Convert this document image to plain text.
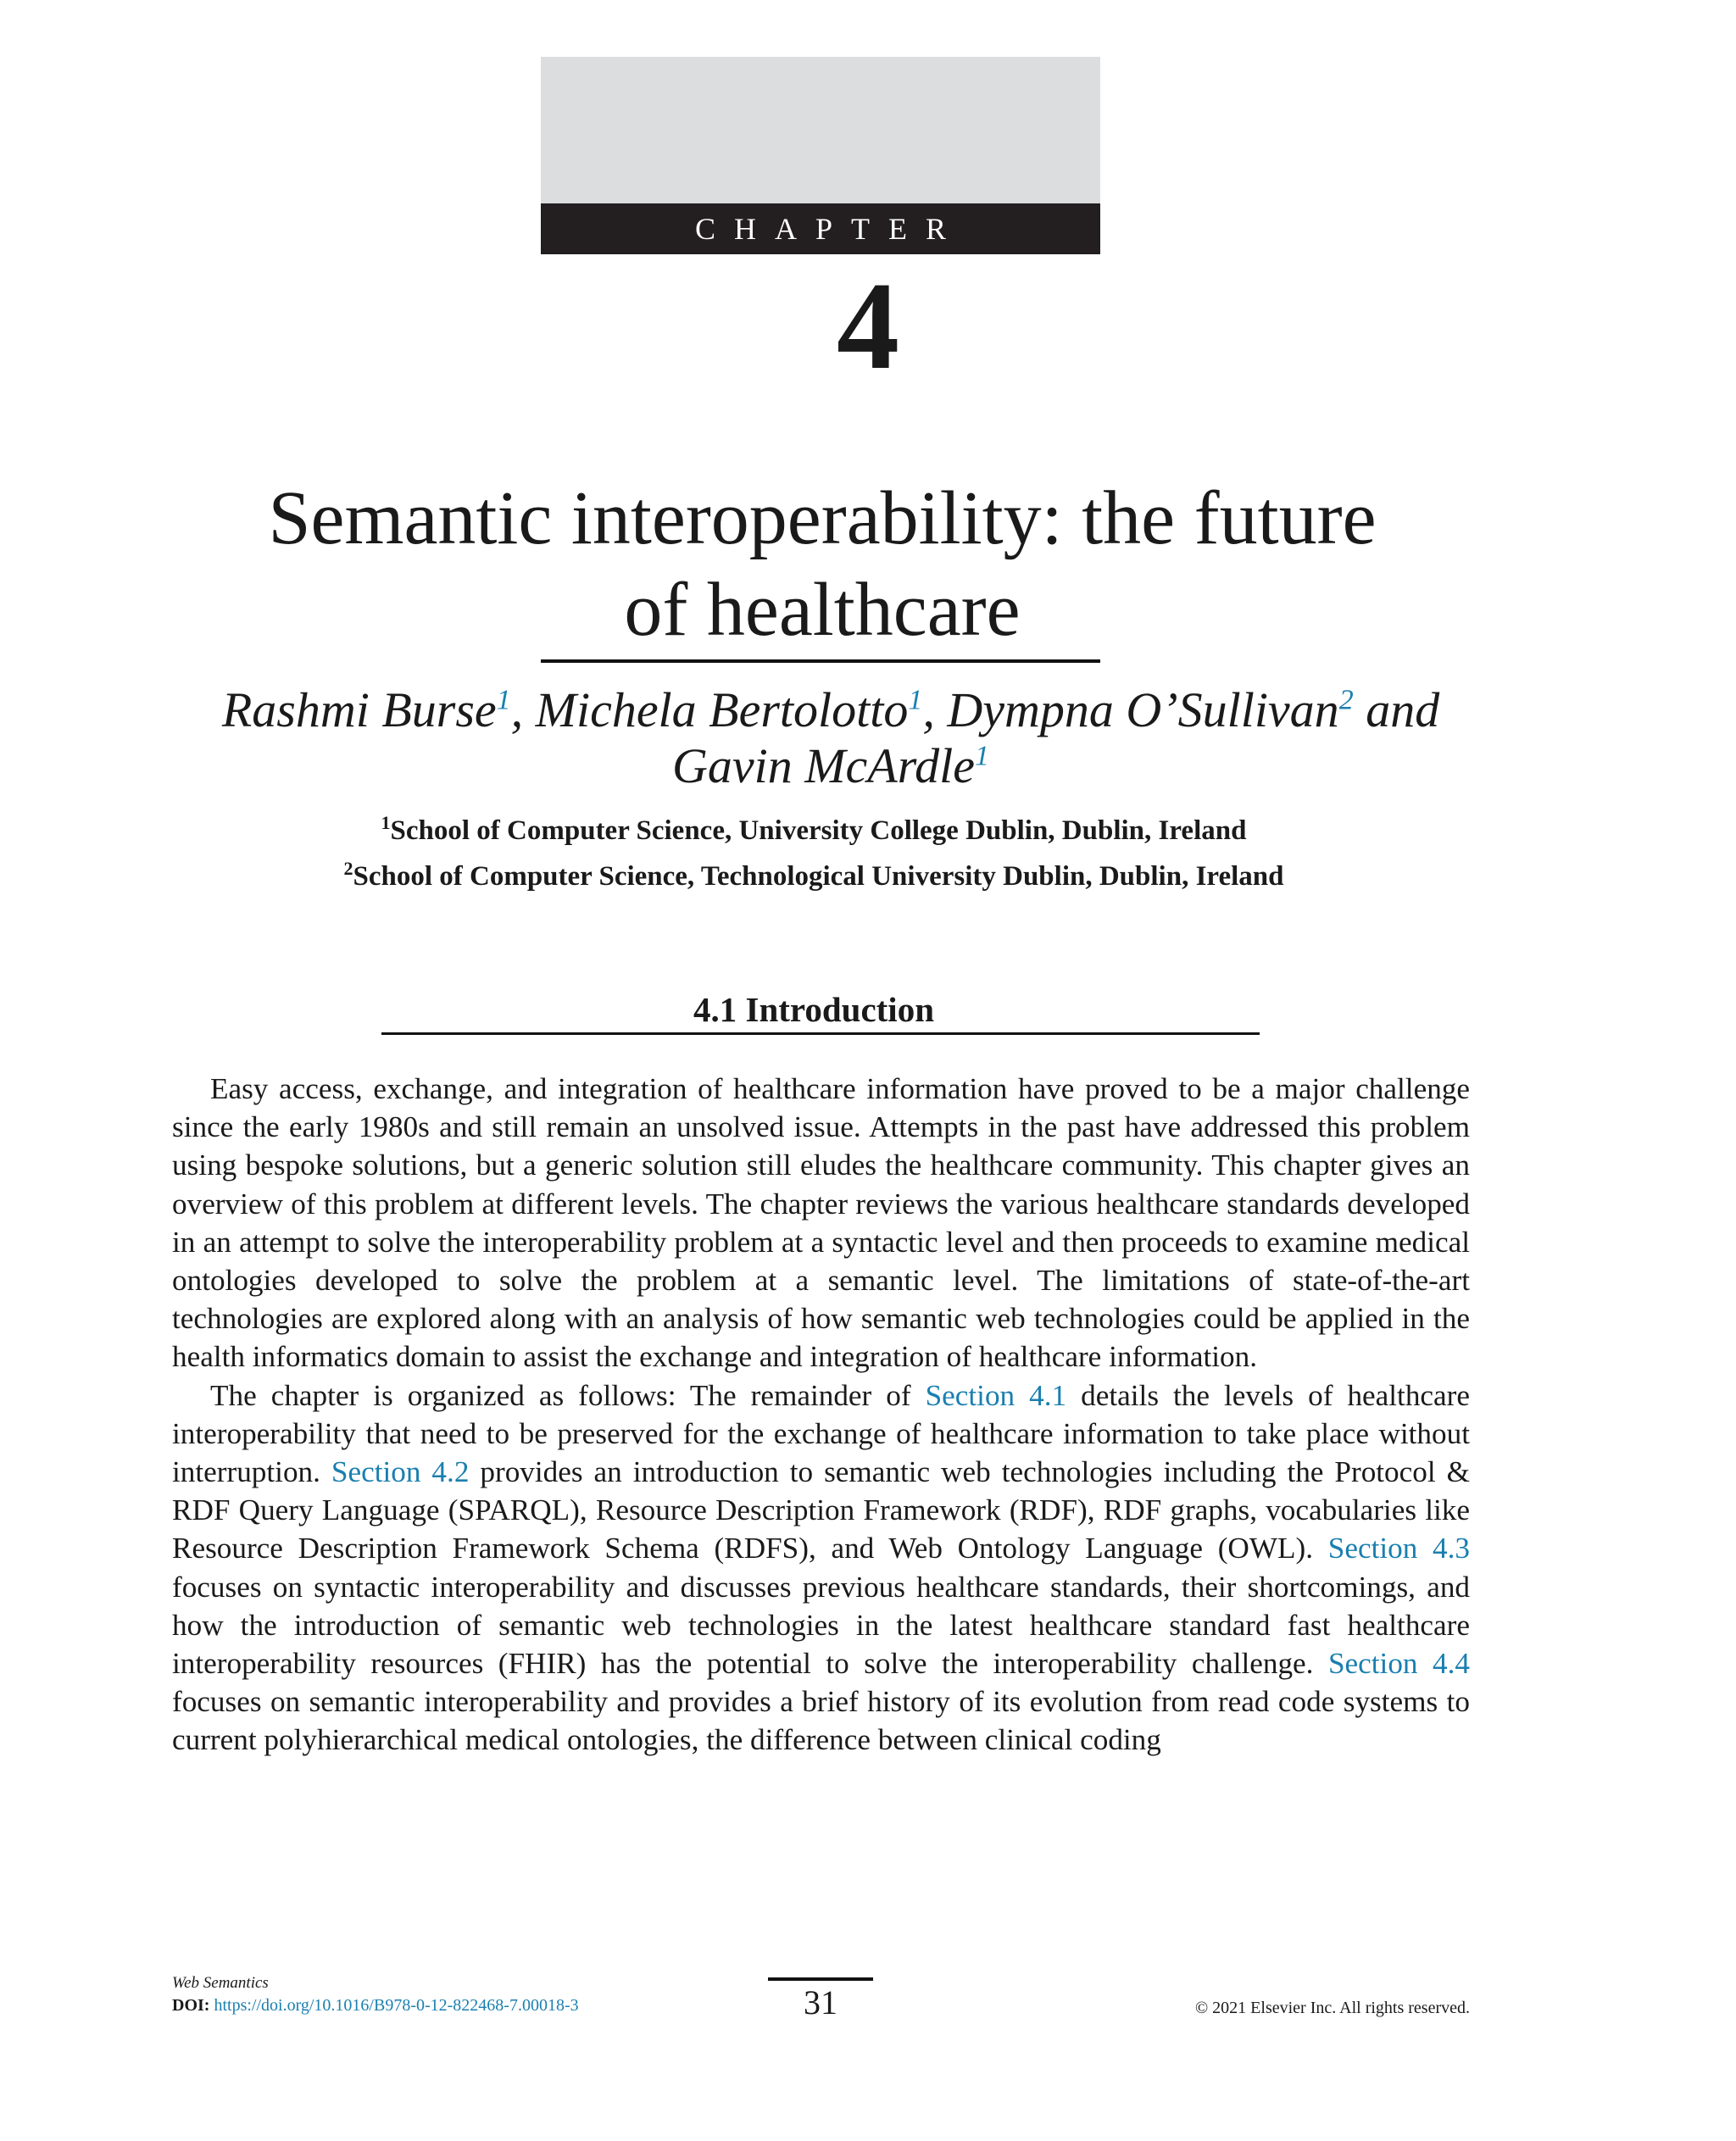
CHAPTER
4
Semantic interoperability: the future
of healthcare
Rashmi Burse$^1$, Michela Bertolotto$^1$, Dympna O’Sullivan$^2$ and
Gavin McArdle$^1$
$^1$School of Computer Science, University College Dublin, Dublin, Ireland
$^2$School of Computer Science, Technological University Dublin, Dublin, Ireland
4.1 Introduction

Easy access, exchange, and integration of healthcare information have proved to be a major challenge since the early 1980s and still remain an unsolved issue. Attempts in the past have addressed this problem using bespoke solutions, but a generic solution still eludes the healthcare community. This chapter gives an overview of this problem at different levels. The chapter reviews the various healthcare standards developed in an attempt to solve the interoperability problem at a syntactic level and then proceeds to examine medical ontologies developed to solve the problem at a semantic level. The limitations of state-of-the-art technologies are explored along with an analysis of how semantic web technologies could be applied in the health informatics domain to assist the exchange and integration of healthcare information.

The chapter is organized as follows: The remainder of Section 4.1 details the levels of healthcare interoperability that need to be preserved for the exchange of healthcare information to take place without interruption. Section 4.2 provides an introduction to semantic web technologies including the Protocol & RDF Query Language (SPARQL), Resource Description Framework (RDF), RDF graphs, vocabularies like Resource Description Framework Schema (RDFS), and Web Ontology Language (OWL). Section 4.3 focuses on syntactic interoperability and discusses previous healthcare standards, their shortcomings, and how the introduction of semantic web technologies in the latest healthcare standard fast healthcare interoperability resources (FHIR) has the potential to solve the interoperability challenge. Section 4.4 focuses on semantic interoperability and provides a brief history of its evolution from read code systems to current polyhierarchical medical ontologies, the difference between clinical coding

Web Semantics
DOI: https://doi.org/10.1016/B978-0-12-822468-7.00018-3	31	© 2021 Elsevier Inc. All rights reserved.
